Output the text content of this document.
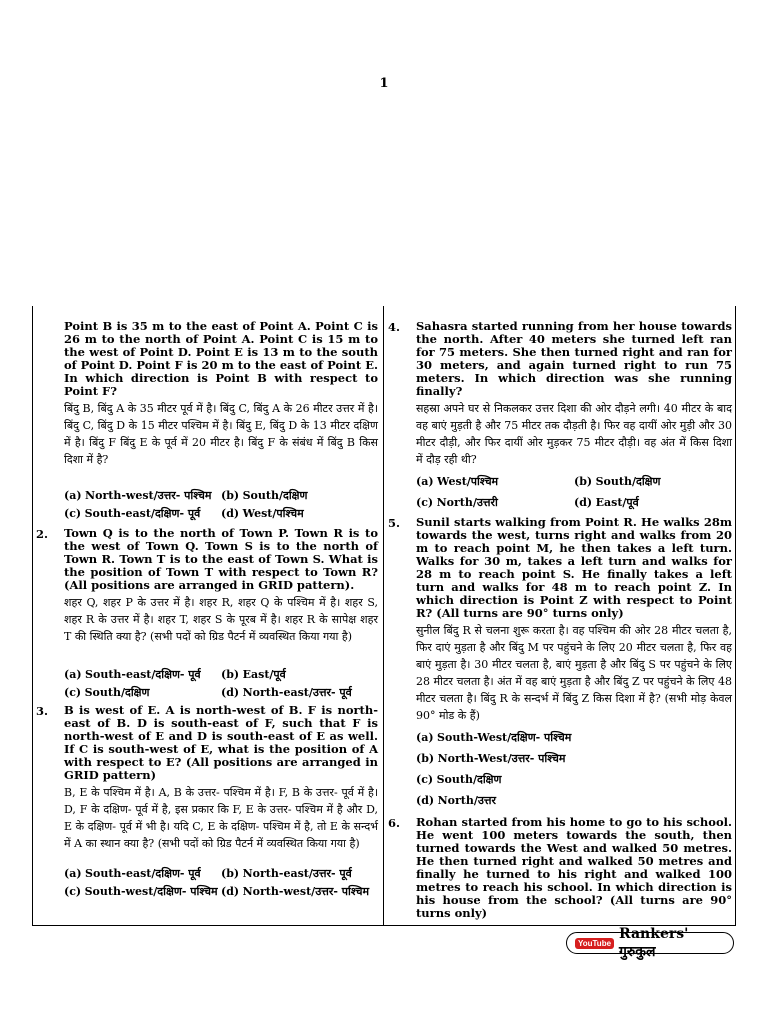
1

Point B is 35 m to the east of Point A. Point C is 26 m to the north of Point A. Point C is 15 m to the west of Point D. Point E is 13 m to the south of Point D. Point F is 20 m to the east of Point E. In which direction is Point B with respect to Point F?

बिंदु B, बिंदु A के 35 मीटर पूर्व में है। बिंदु C, बिंदु A के 26 मीटर उत्तर में है। बिंदु C, बिंदु D के 15 मीटर पश्चिम में है। बिंदु E, बिंदु D के 13 मीटर दक्षिण में है। बिंदु F बिंदु E के पूर्व में 20 मीटर है। बिंदु F के संबंध में बिंदु B किस दिशा में है?

(a) North-west/उत्तर- पश्चिम (b) South/दक्षिण
(c) South-east/दक्षिण- पूर्व	(d) West/पश्चिम
2. Town Q is to the north of Town P. Town R is to the west of Town Q. Town S is to the north of Town R. Town T is to the east of Town S. What is the position of Town T with respect to Town R? (All positions are arranged in GRID pattern).

शहर Q, शहर P के उत्तर में है। शहर R, शहर Q के पश्चिम में है। शहर S, शहर R के उत्तर में है। शहर T, शहर S के पूरब में है। शहर R के सापेक्ष शहर T की स्थिति क्या है? (सभी पदों को ग्रिड पैटर्न में व्यवस्थित किया गया है)

(a) South-east/दक्षिण- पूर्व	(b) East/पूर्व
(c) South/दक्षिण	(d) North-east/उत्तर- पूर्व
3. B is west of E. A is north-west of B. F is north-east of B. D is south-east of F, such that F is north-west of E and D is south-east of E as well. If C is south-west of E, what is the position of A with respect to E? (All positions are arranged in GRID pattern)

B, E के पश्चिम में है। A, B के उत्तर- पश्चिम में है। F, B के उत्तर- पूर्व में है। D, F के दक्षिण- पूर्व में है, इस प्रकार कि F, E के उत्तर- पश्चिम में है और D, E के दक्षिण- पूर्व में भी है। यदि C, E के दक्षिण- पश्चिम में है, तो E के सन्दर्भ में A का स्थान क्या है? (सभी पदों को ग्रिड पैटर्न में व्यवस्थित किया गया है)

(a) South-east/दक्षिण- पूर्व	(b) North-east/उत्तर- पूर्व
(c) South-west/दक्षिण- पश्चिम (d) North-west/उत्तर- पश्चिम
4. Sahasra started running from her house towards the north. After 40 meters she turned left ran for 75 meters. She then turned right and ran for 30 meters, and again turned right to run 75 meters. In which direction was she running finally?

सहस्रा अपने घर से निकलकर उत्तर दिशा की ओर दौड़ने लगी। 40 मीटर के बाद वह बाएं मुड़ती है और 75 मीटर तक दौड़ती है। फिर वह दायीं ओर मुड़ी और 30 मीटर दौड़ी, और फिर दायीं ओर मुड़कर 75 मीटर दौड़ी। वह अंत में किस दिशा में दौड़ रही थी?

(a) West/पश्चिम	(b) South/दक्षिण
(c) North/उत्तरी	(d) East/पूर्व
5. Sunil starts walking from Point R. He walks 28m towards the west, turns right and walks from 20 m to reach point M, he then takes a left turn. Walks for 30 m, takes a left turn and walks for 28 m to reach point S. He finally takes a left turn and walks for 48 m to reach point Z. In which direction is Point Z with respect to Point R? (All turns are 90° turns only)

सुनील बिंदु R से चलना शुरू करता है। वह पश्चिम की ओर 28 मीटर चलता है, फिर दाएं मुड़ता है और बिंदु M पर पहुंचने के लिए 20 मीटर चलता है, फिर वह बाएं मुड़ता है। 30 मीटर चलता है, बाएं मुड़ता है और बिंदु S पर पहुंचने के लिए 28 मीटर चलता है। अंत में वह बाएं मुड़ता है और बिंदु Z पर पहुंचने के लिए 48 मीटर चलता है। बिंदु R के सन्दर्भ में बिंदु Z किस दिशा में है? (सभी मोड़ केवल 90° मोड के हैं)

(a) South-West/दक्षिण- पश्चिम
(b) North-West/उत्तर- पश्चिम
(c) South/दक्षिण
(d) North/उत्तर
6. Rohan started from his home to go to his school. He went 100 meters towards the south, then turned towards the West and walked 50 metres. He then turned right and walked 50 metres and finally he turned to his right and walked 100 metres to reach his school. In which direction is his house from the school? (All turns are 90° turns only)

YouTube
Rankers' गुरुकुल
